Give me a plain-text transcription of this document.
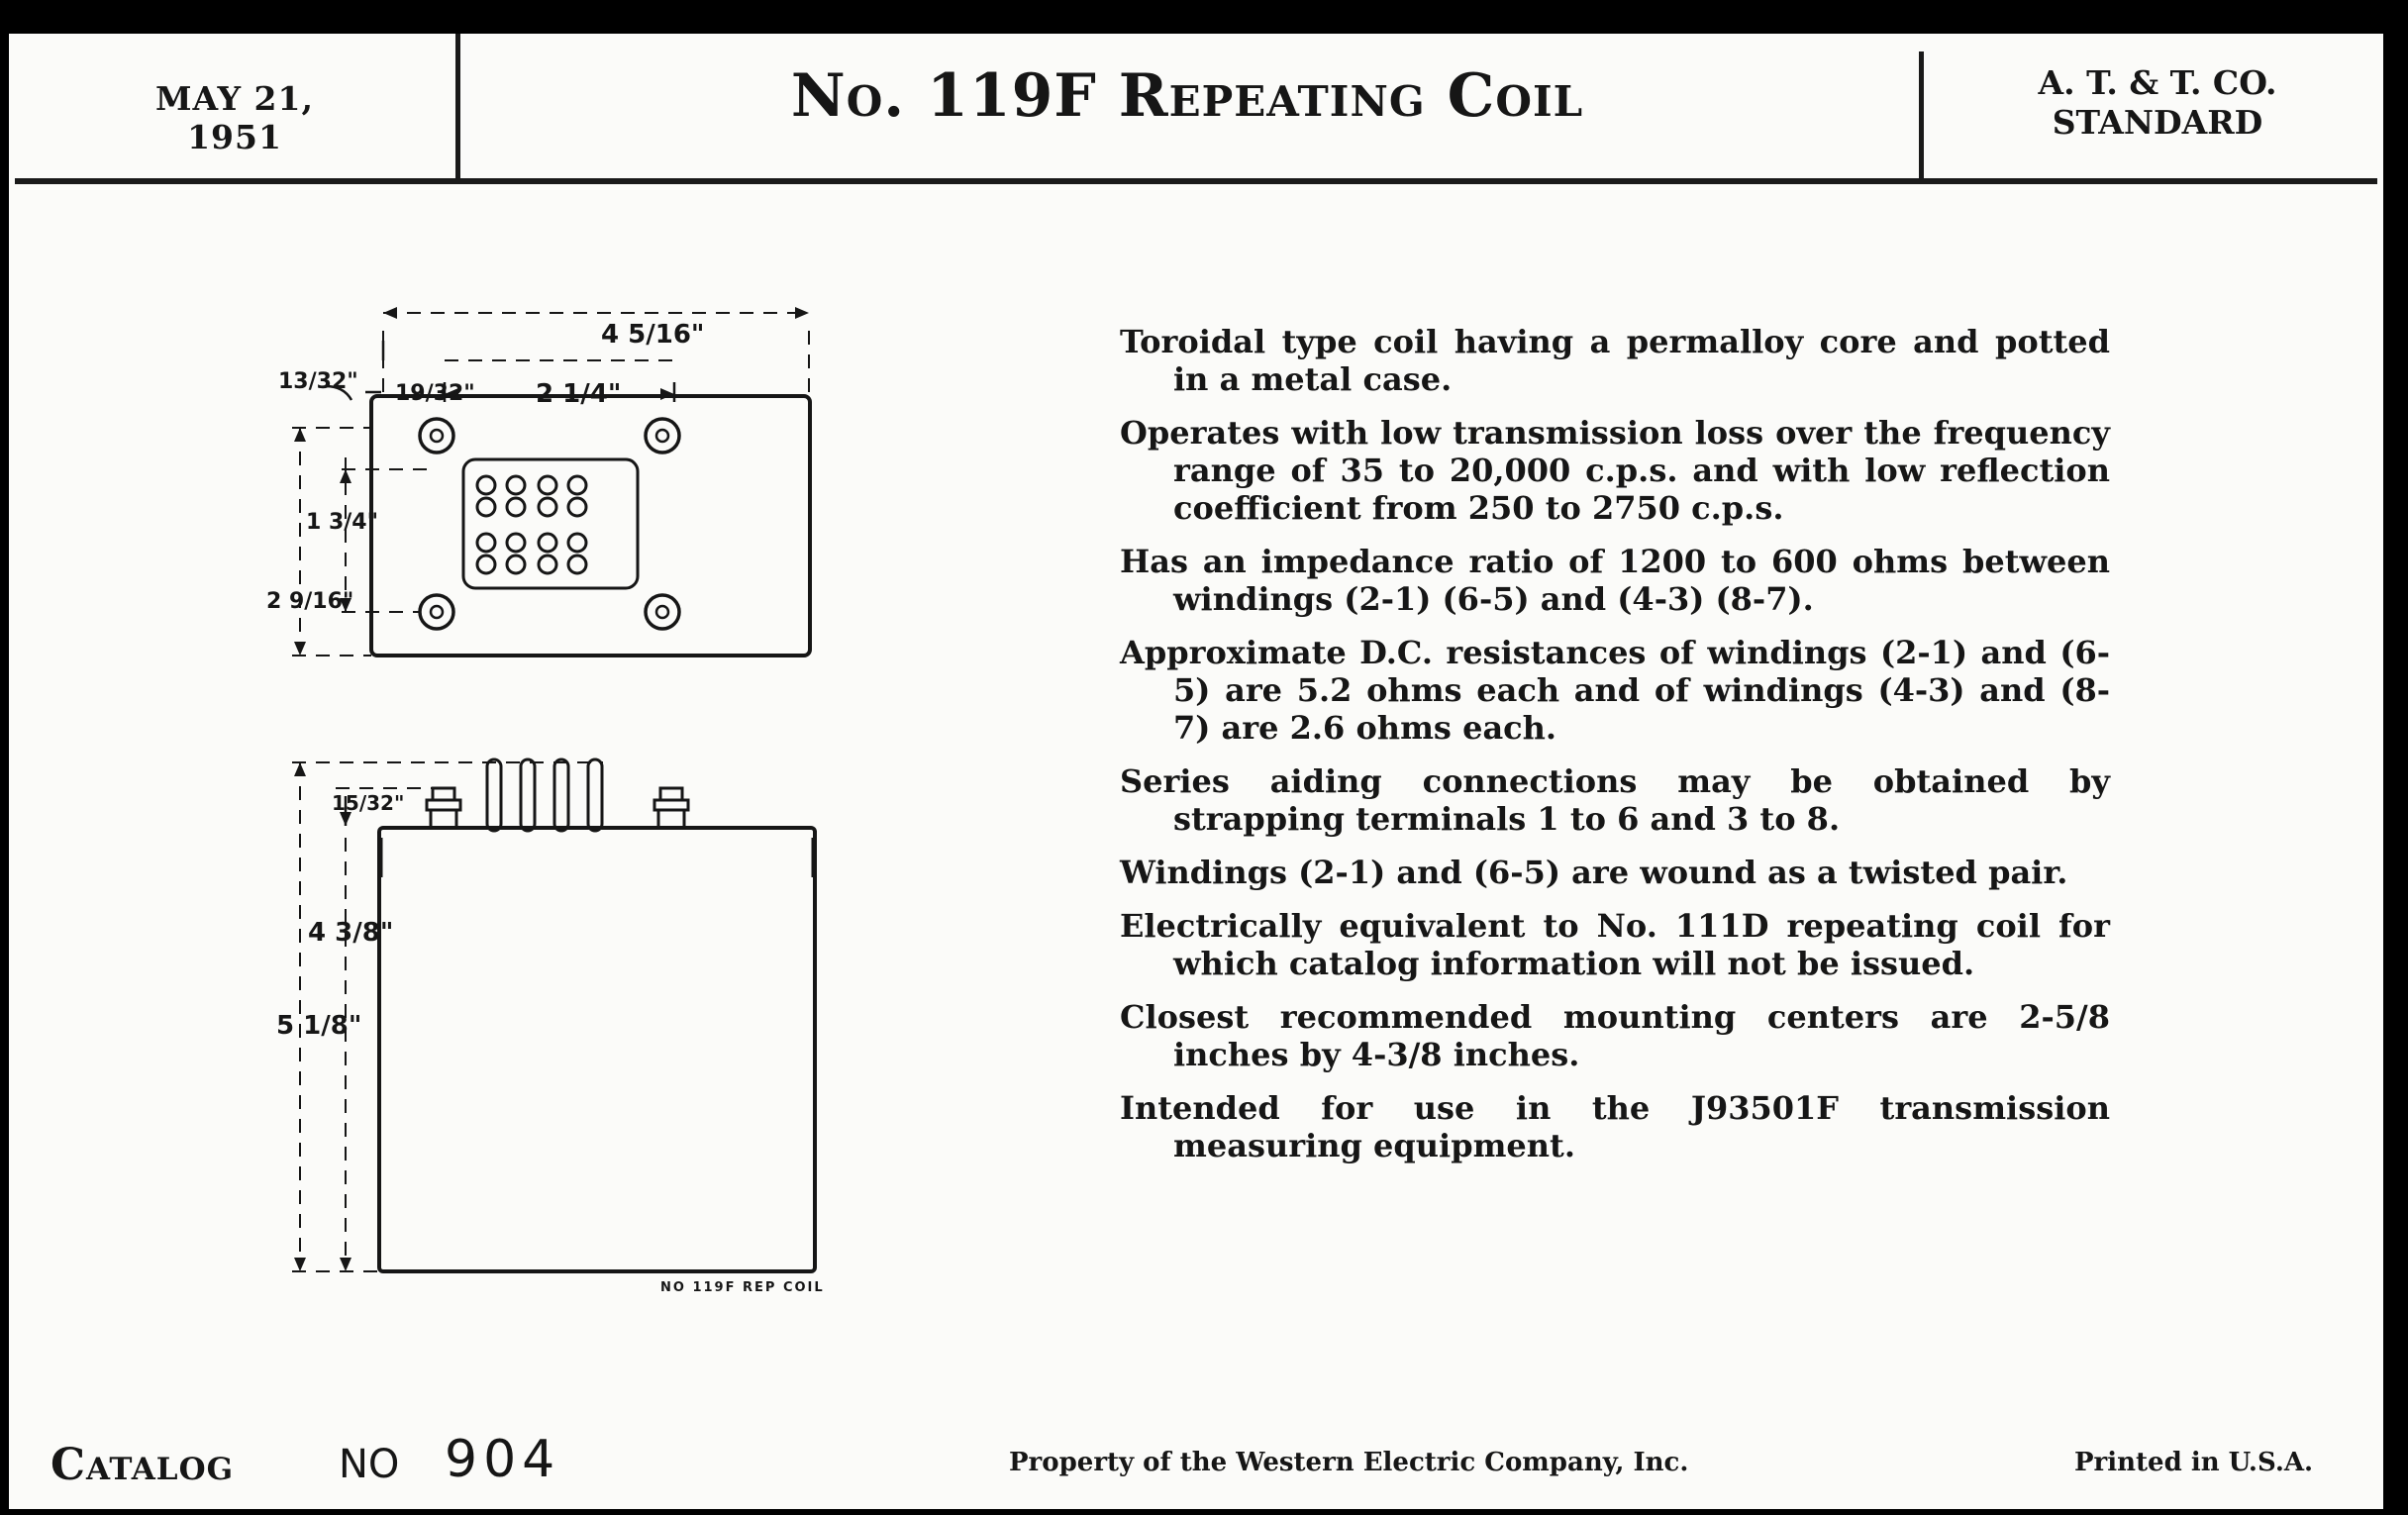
MAY 21, 1951
No. 119F Repeating Coil	A. T. & T. CO.
STANDARD
4 5/16"
13/32" 19/32" 2 1/4"
1 3/4"
2 9/16"
15/32"
4 3/8"
5 1/8"
NO 119F REP COIL

Toroidal type coil having a permalloy core and potted in a metal case.

Operates with low transmission loss over the frequency range of 35 to 20,000 c.p.s. and with low reflection coefficient from 250 to 2750 c.p.s.

Has an impedance ratio of 1200 to 600 ohms between windings (2-1) (6-5) and (4-3) (8-7).

Approximate D.C. resistances of windings (2-1) and (6-5) are 5.2 ohms each and of windings (4-3) and (8-7) are 2.6 ohms each.

Series aiding connections may be obtained by strapping terminals 1 to 6 and 3 to 8.

Windings (2-1) and (6-5) are wound as a twisted pair.

Electrically equivalent to No. 111D repeating coil for which catalog information will not be issued.

Closest recommended mounting centers are 2-5/8 inches by 4-3/8 inches.

Intended for use in the J93501F transmission measuring equipment.

Catalog	NO 904	Property of the Western Electric Company, Inc.	Printed in U.S.A.
